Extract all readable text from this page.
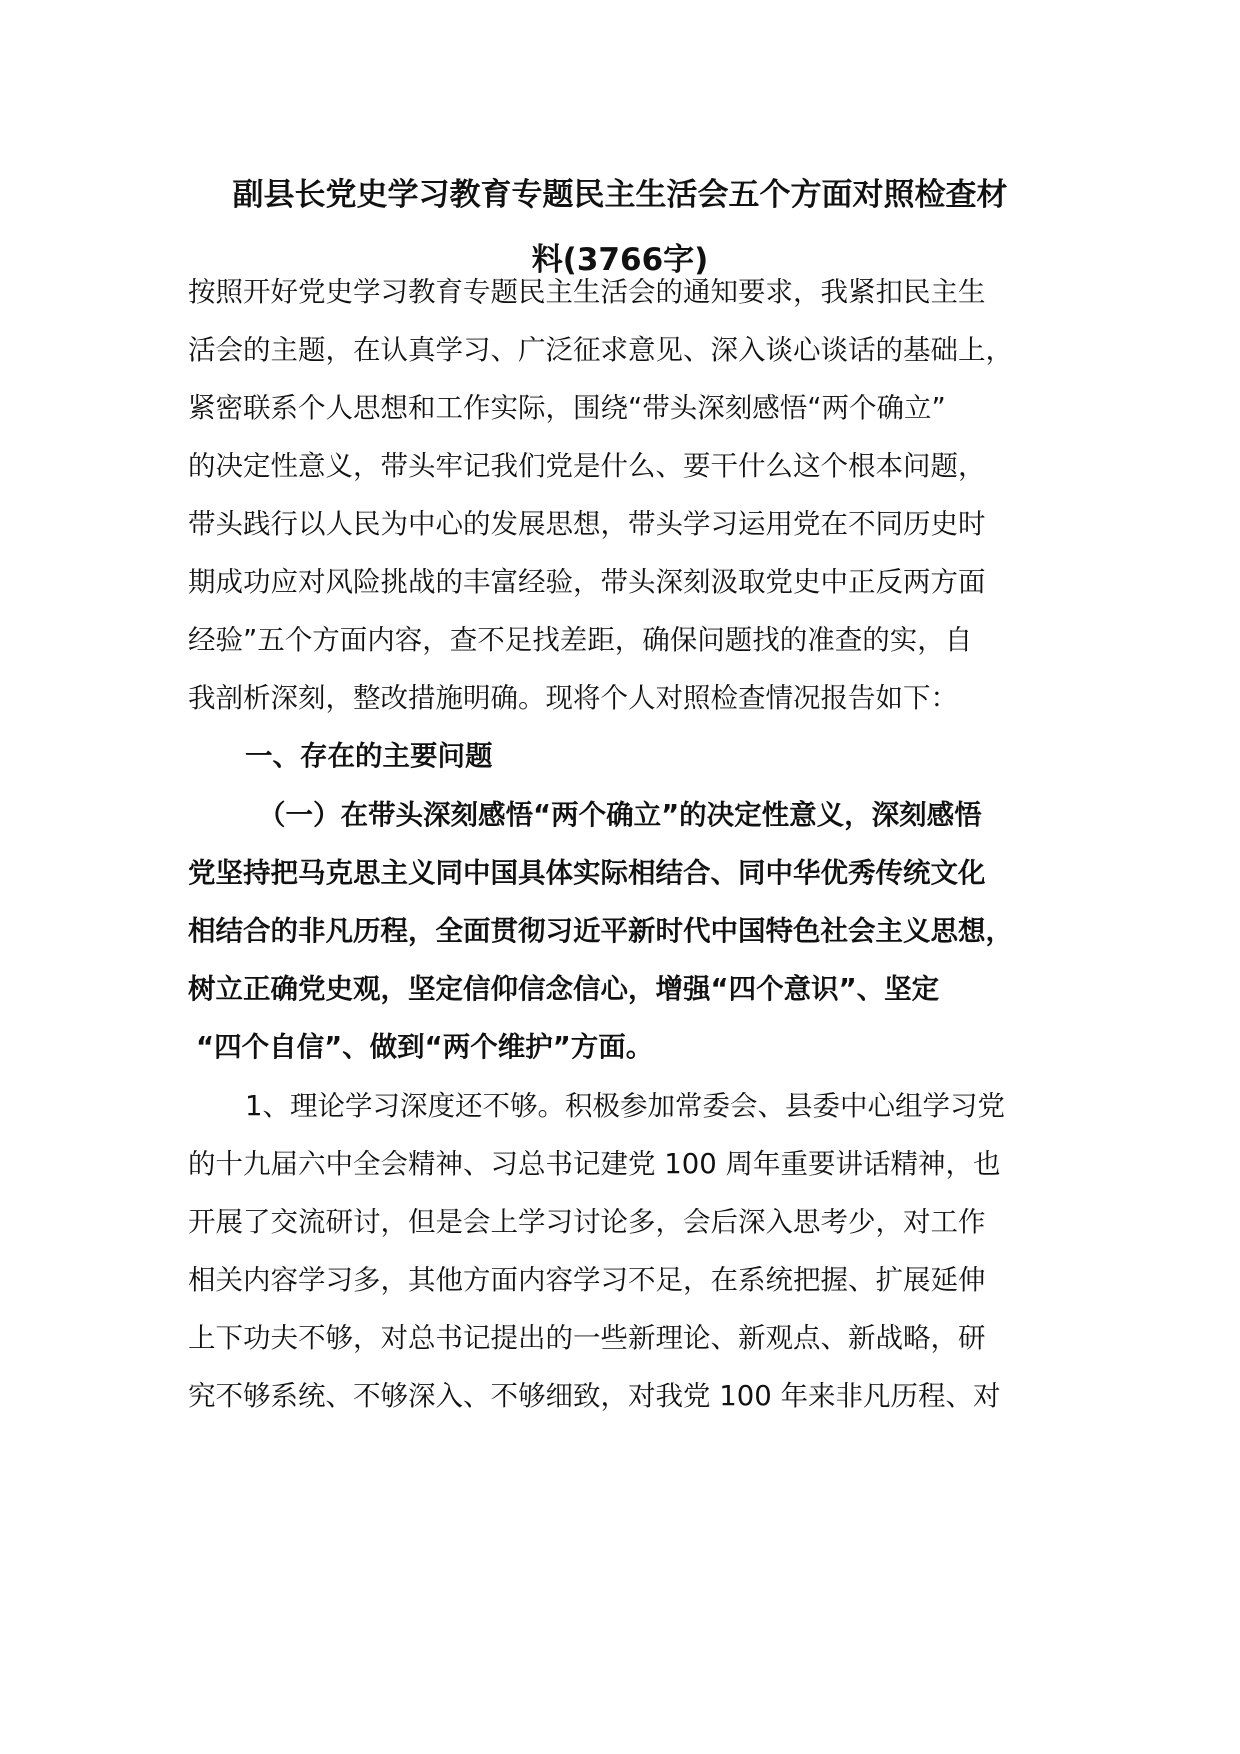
副县长党史学习教育专题民主生活会五个方面对照检查材
料(3766字)

按照开好党史学习教育专题民主生活会的通知要求，我紧扣民主生

活会的主题，在认真学习、广泛征求意见、深入谈心谈话的基础上，

紧密联系个人思想和工作实际，围绕“带头深刻感悟“两个确立”

的决定性意义，带头牢记我们党是什么、要干什么这个根本问题，

带头践行以人民为中心的发展思想，带头学习运用党在不同历史时

期成功应对风险挑战的丰富经验，带头深刻汲取党史中正反两方面

经验”五个方面内容，查不足找差距，确保问题找的准查的实，自

我剖析深刻，整改措施明确。现将个人对照检查情况报告如下：

一、存在的主要问题

（一）在带头深刻感悟“两个确立”的决定性意义，深刻感悟

党坚持把马克思主义同中国具体实际相结合、同中华优秀传统文化

相结合的非凡历程，全面贯彻习近平新时代中国特色社会主义思想，

树立正确党史观，坚定信仰信念信心，增强“四个意识”、坚定

“四个自信”、做到“两个维护”方面。

1、理论学习深度还不够。积极参加常委会、县委中心组学习党

的十九届六中全会精神、习总书记建党 100 周年重要讲话精神，也

开展了交流研讨，但是会上学习讨论多，会后深入思考少，对工作

相关内容学习多，其他方面内容学习不足，在系统把握、扩展延伸

上下功夫不够，对总书记提出的一些新理论、新观点、新战略，研

究不够系统、不够深入、不够细致，对我党 100 年来非凡历程、对
